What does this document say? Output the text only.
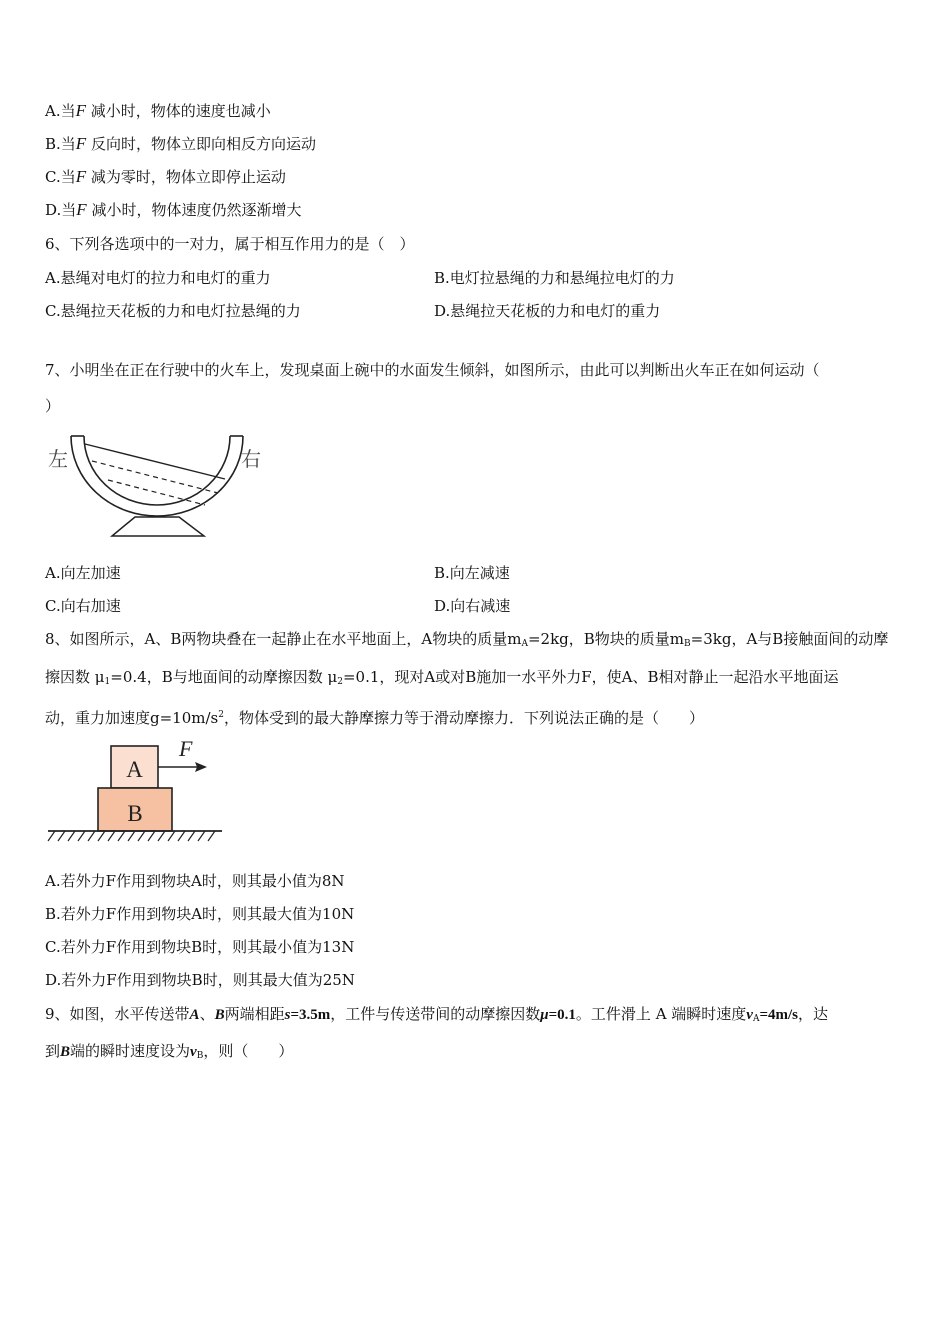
A.当F 减小时，物体的速度也减小
B.当F 反向时，物体立即向相反方向运动
C.当F 减为零时，物体立即停止运动
D.当F 减小时，物体速度仍然逐渐增大
6、下列各选项中的一对力，属于相互作用力的是（　）
A.悬绳对电灯的拉力和电灯的重力	B.电灯拉悬绳的力和悬绳拉电灯的力
C.悬绳拉天花板的力和电灯拉悬绳的力	D.悬绳拉天花板的力和电灯的重力
7、小明坐在正在行驶中的火车上，发现桌面上碗中的水面发生倾斜，如图所示，由此可以判断出火车正在如何运动（
）
左	右
A.向左加速	B.向左减速
C.向右加速	D.向右减速
8、如图所示，A、B两物块叠在一起静止在水平地面上，A物块的质量$m_A=2kg$，B物块的质量$m_B=3kg$，A与B接触面间的动摩
擦因数 $\mu_1=0.4$，B与地面间的动摩擦因数 $\mu_2=0.1$，现对A或对B施加一水平外力F，使A、B相对静止一起沿水平地面运
动，重力加速度$g=10m/s^2$，物体受到的最大静摩擦力等于滑动摩擦力．下列说法正确的是（　　）
A
B
F
A.若外力F作用到物块A时，则其最小值为8N
B.若外力F作用到物块A时，则其最大值为10N
C.若外力F作用到物块B时，则其最小值为13N
D.若外力F作用到物块B时，则其最大值为25N
9、如图，水平传送带A、B两端相距s=3.5m，工件与传送带间的动摩擦因数μ=0.1。工件滑上 A 端瞬时速度$v_A=4m/s$，达
到B端的瞬时速度设为$v_B$，则（　　）
